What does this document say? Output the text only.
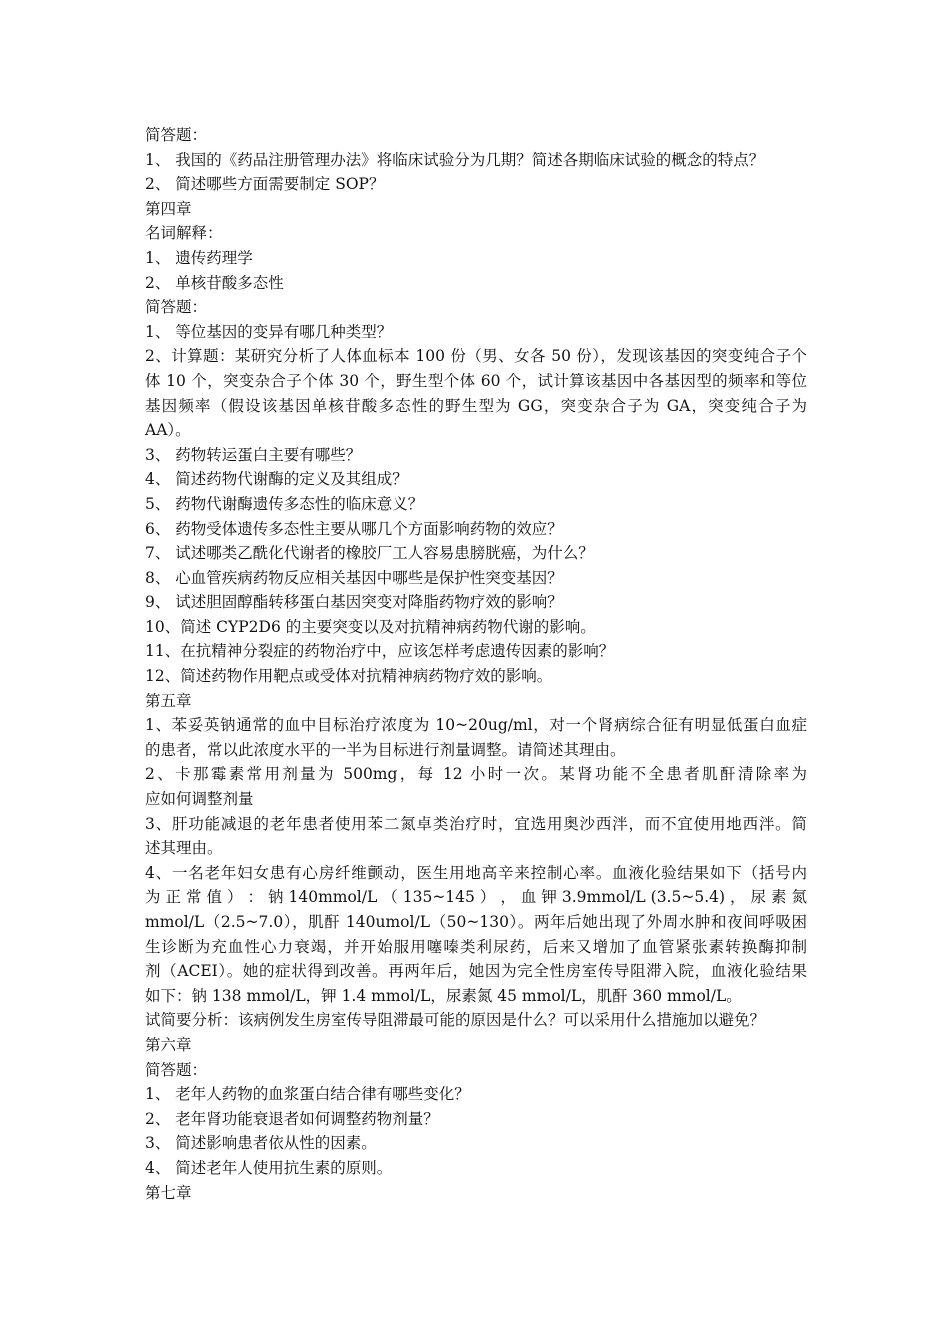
简答题：
1、 我国的《药品注册管理办法》将临床试验分为几期？简述各期临床试验的概念的特点？
2、 简述哪些方面需要制定 SOP？
第四章
名词解释：
1、 遗传药理学
2、 单核苷酸多态性
简答题：
1、 等位基因的变异有哪几种类型？
2、计算题：某研究分析了人体血标本 100 份（男、女各 50 份），发现该基因的突变纯合子个
体 10 个，突变杂合子个体 30 个，野生型个体 60 个，试计算该基因中各基因型的频率和等位
基因频率（假设该基因单核苷酸多态性的野生型为 GG，突变杂合子为 GA，突变纯合子为
AA）。
3、 药物转运蛋白主要有哪些？
4、 简述药物代谢酶的定义及其组成？
5、 药物代谢酶遗传多态性的临床意义？
6、 药物受体遗传多态性主要从哪几个方面影响药物的效应？
7、 试述哪类乙酰化代谢者的橡胶厂工人容易患膀胱癌，为什么？
8、 心血管疾病药物反应相关基因中哪些是保护性突变基因？
9、 试述胆固醇酯转移蛋白基因突变对降脂药物疗效的影响？
10、简述 CYP2D6 的主要突变以及对抗精神病药物代谢的影响。
11、在抗精神分裂症的药物治疗中，应该怎样考虑遗传因素的影响？
12、简述药物作用靶点或受体对抗精神病药物疗效的影响。
第五章
1、苯妥英钠通常的血中目标治疗浓度为 10~20ug/ml，对一个肾病综合征有明显低蛋白血症
的患者，常以此浓度水平的一半为目标进行剂量调整。请简述其理由。
2、卡那霉素常用剂量为 500mg，每 12 小时一次。某肾功能不全患者肌酐清除率为
应如何调整剂量
3、肝功能减退的老年患者使用苯二氮卓类治疗时，宜选用奥沙西泮，而不宜使用地西泮。简
述其理由。
4、一名老年妇女患有心房纤维颤动，医生用地高辛来控制心率。血液化验结果如下（括号内
为 正 常 值 ） ： 钠 140mmol/L （ 135~145 ） ， 血 钾 3.9mmol/L (3.5~5.4) ， 尿 素 氮
mmol/L（2.5~7.0），肌酐 140umol/L（50~130）。两年后她出现了外周水肿和夜间呼吸困
生诊断为充血性心力衰竭，并开始服用噻嗪类利尿药，后来又增加了血管紧张素转换酶抑制
剂（ACEI）。她的症状得到改善。再两年后，她因为完全性房室传导阻滞入院，血液化验结果
如下：钠 138 mmol/L，钾 1.4 mmol/L，尿素氮 45 mmol/L，肌酐 360 mmol/L。
试简要分析：该病例发生房室传导阻滞最可能的原因是什么？可以采用什么措施加以避免？
第六章
简答题：
1、 老年人药物的血浆蛋白结合律有哪些变化？
2、 老年肾功能衰退者如何调整药物剂量？
3、 简述影响患者依从性的因素。
4、 简述老年人使用抗生素的原则。
第七章
